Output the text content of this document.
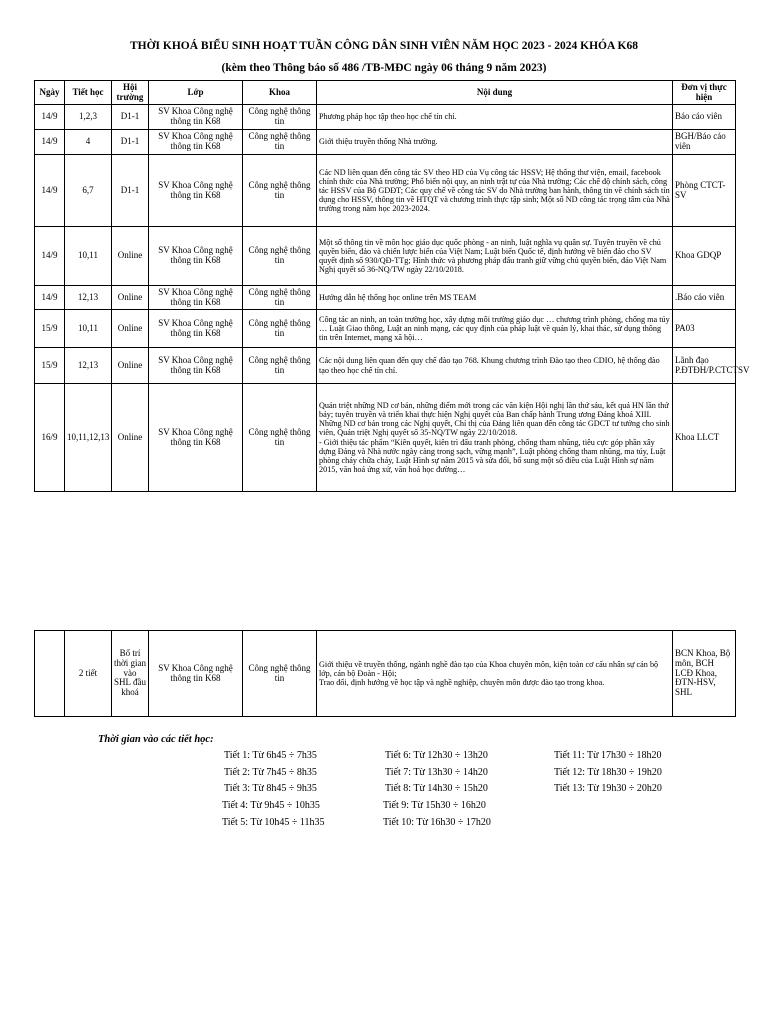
THỜI KHOÁ BIỂU SINH HOẠT TUẦN CÔNG DÂN SINH VIÊN NĂM HỌC 2023 - 2024 KHÓA K68
(kèm theo Thông báo số 486 /TB-MĐC ngày 06 tháng 9 năm 2023)
Ngày	Tiết học	Hội trường	Lớp	Khoa	Nội dung	Đơn vị thực hiện
14/9	1,2,3	D1-1	SV Khoa Công nghệ thông tin K68	Công nghệ thông tin	Phương pháp học tập theo học chế tín chỉ.	Báo cáo viên
14/9	4	D1-1	SV Khoa Công nghệ thông tin K68	Công nghệ thông tin	Giới thiệu truyền thống Nhà trường.	BGH/Báo cáo viên
14/9	6,7	D1-1	SV Khoa Công nghệ thông tin K68	Công nghệ thông tin	Các ND liên quan đến công tác SV theo HD của Vụ công tác HSSV; Hệ thống thư viện, email, facebook chính thức của Nhà trường; Phổ biến nội quy, an ninh trật tự của Nhà trường; Các chế độ chính sách, công tác HSSV của Bộ GDĐT; Các quy chế về công tác SV do Nhà trường ban hành, thông tin về chính sách tín dụng cho HSSV, thông tin về HTQT và chương trình thực tập sinh; Một số ND công tác trọng tâm của Nhà trường trong năm học 2023-2024.	Phòng CTCT-SV
14/9	10,11	Online	SV Khoa Công nghệ thông tin K68	Công nghệ thông tin	Một số thông tin về môn học giáo dục quốc phòng - an ninh, luật nghĩa vụ quân sự. Tuyên truyền về chủ quyền biển, đảo và chiến lược biển của Việt Nam; Luật biển Quốc tế, định hướng về biển đảo cho SV quyết định số 930/QĐ-TTg; Hình thức và phương pháp đấu tranh giữ vững chủ quyền biển, đảo Việt Nam Nghị quyết số 36-NQ/TW ngày 22/10/2018.	Khoa GDQP
14/9	12,13	Online	SV Khoa Công nghệ thông tin K68	Công nghệ thông tin	Hướng dẫn hệ thống học online trên MS TEAM	.Báo cáo viên
15/9	10,11	Online	SV Khoa Công nghệ thông tin K68	Công nghệ thông tin	Công tác an ninh, an toàn trường học, xây dựng môi trường giáo dục … chương trình phòng, chống ma túy … Luật Giao thông, Luật an ninh mạng, các quy định của pháp luật về quản lý, khai thác, sử dụng thông tin trên Internet, mạng xã hội…	PA03
15/9	12,13	Online	SV Khoa Công nghệ thông tin K68	Công nghệ thông tin	Các nội dung liên quan đến quy chế đào tạo 768. Khung chương trình Đào tạo theo CDIO, hệ thống đào tạo theo học chế tín chỉ.	Lãnh đạo P.ĐTĐH/P.CTCTSV
16/9	10,11,12,13	Online	SV Khoa Công nghệ thông tin K68	Công nghệ thông tin	Quán triệt những ND cơ bản, những điểm mới trong các văn kiện Hội nghị lần thứ sáu, kết quả HN lần thứ bảy; tuyên truyền và triển khai thực hiện Nghị quyết của Ban chấp hành Trung ương Đảng khoá XIII. Những ND cơ bản trong các Nghị quyết, Chỉ thị của Đảng liên quan đến công tác GDCT tư tưởng cho sinh viên, Quán triệt Nghị quyết số 35-NQ/TW ngày 22/10/2018.
- Giới thiệu tác phẩm “Kiên quyết, kiên trì đấu tranh phòng, chống tham nhũng, tiêu cực góp phần xây dựng Đảng và Nhà nước ngày càng trong sạch, vững mạnh”, Luật phòng chống tham nhũng, ma túy, Luật phòng cháy chữa cháy, Luật Hình sự năm 2015 và sửa đổi, bổ sung một số điều của Luật Hình sự năm 2015, văn hoá ứng xử, văn hoá học đường…	Khoa LLCT
	2 tiết	Bố trí thời gian vào SHL đầu khoá	SV Khoa Công nghệ thông tin K68	Công nghệ thông tin	Giới thiệu về truyền thống, ngành nghề đào tạo của Khoa chuyên môn, kiện toàn cơ cấu nhân sự cán bộ lớp, cán bộ Đoàn - Hội;
Trao đổi, định hướng về học tập và nghề nghiệp, chuyên môn được đào tạo trong khoa.	BCN Khoa, Bộ môn, BCH LCĐ Khoa, ĐTN-HSV, SHL
Thời gian vào các tiết học:
Tiết 1: Từ 6h45 ÷ 7h35
Tiết 2: Từ 7h45 ÷ 8h35
Tiết 3: Từ 8h45 ÷ 9h35
Tiết 4: Từ 9h45 ÷ 10h35
Tiết 5: Từ 10h45 ÷ 11h35
Tiết 6: Từ 12h30 ÷ 13h20
Tiết 7: Từ 13h30 ÷ 14h20
Tiết 8: Từ 14h30 ÷ 15h20
Tiết 9: Từ 15h30 ÷ 16h20
Tiết 10: Từ 16h30 ÷ 17h20
Tiết 11: Từ 17h30 ÷ 18h20
Tiết 12: Từ 18h30 ÷ 19h20
Tiết 13: Từ 19h30 ÷ 20h20
